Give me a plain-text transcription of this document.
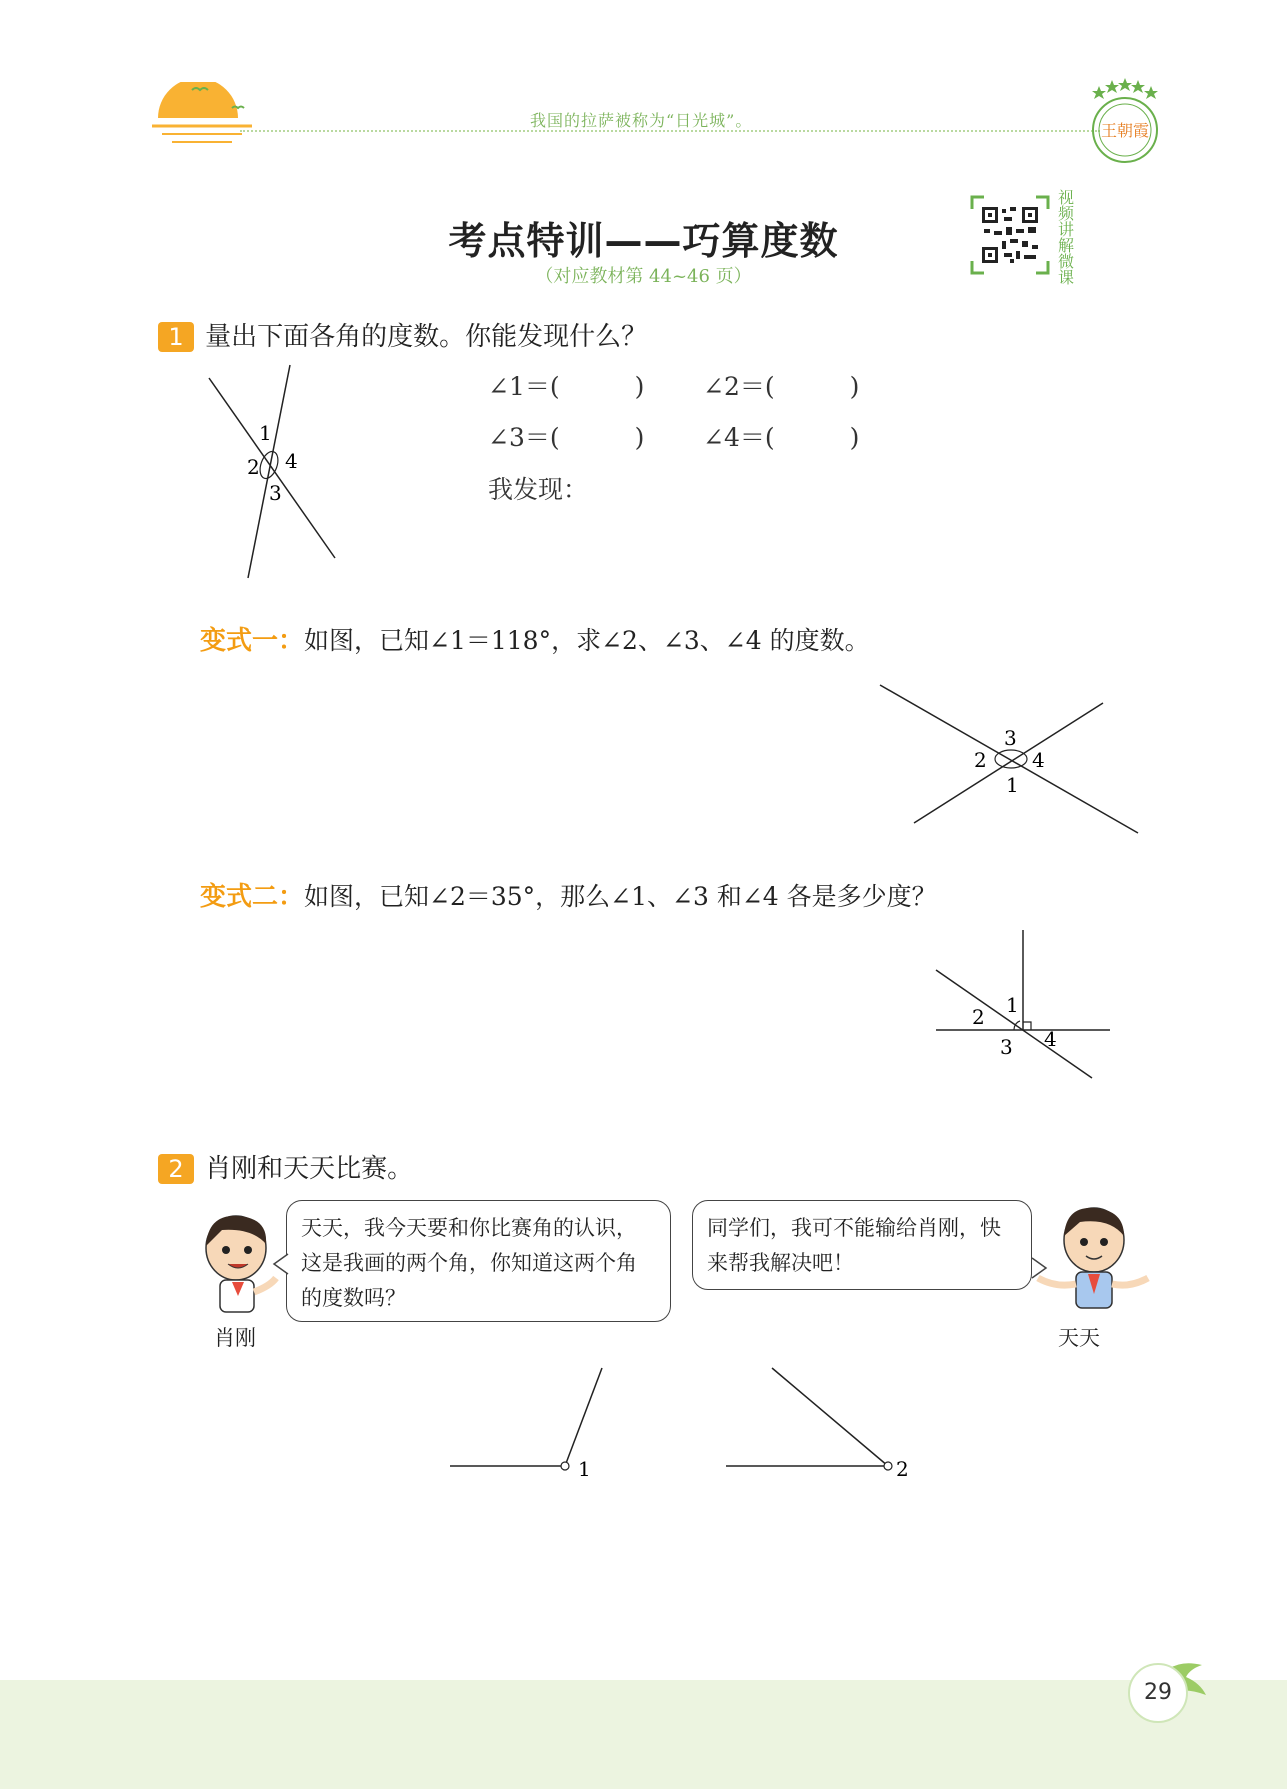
我国的拉萨被称为“日光城”。
王朝霞
考点特训——巧算度数
（对应教材第 44~46 页）
视频讲解微课
1 量出下面各角的度数。你能发现什么？
1
2
3
4
∠1＝(　　　) ∠2＝(　　　)
∠3＝(　　　) ∠4＝(　　　)
我发现：
变式一：如图，已知∠1＝118°，求∠2、∠3、∠4 的度数。
3
2 4
1
变式二：如图，已知∠2＝35°，那么∠1、∠3 和∠4 各是多少度？
1
2
3 4
2 肖刚和天天比赛。
肖刚
天天，我今天要和你比赛角的认识，这是我画的两个角，你知道这两个角的度数吗？
同学们，我可不能输给肖刚，快来帮我解决吧！
天天
1	2
29
